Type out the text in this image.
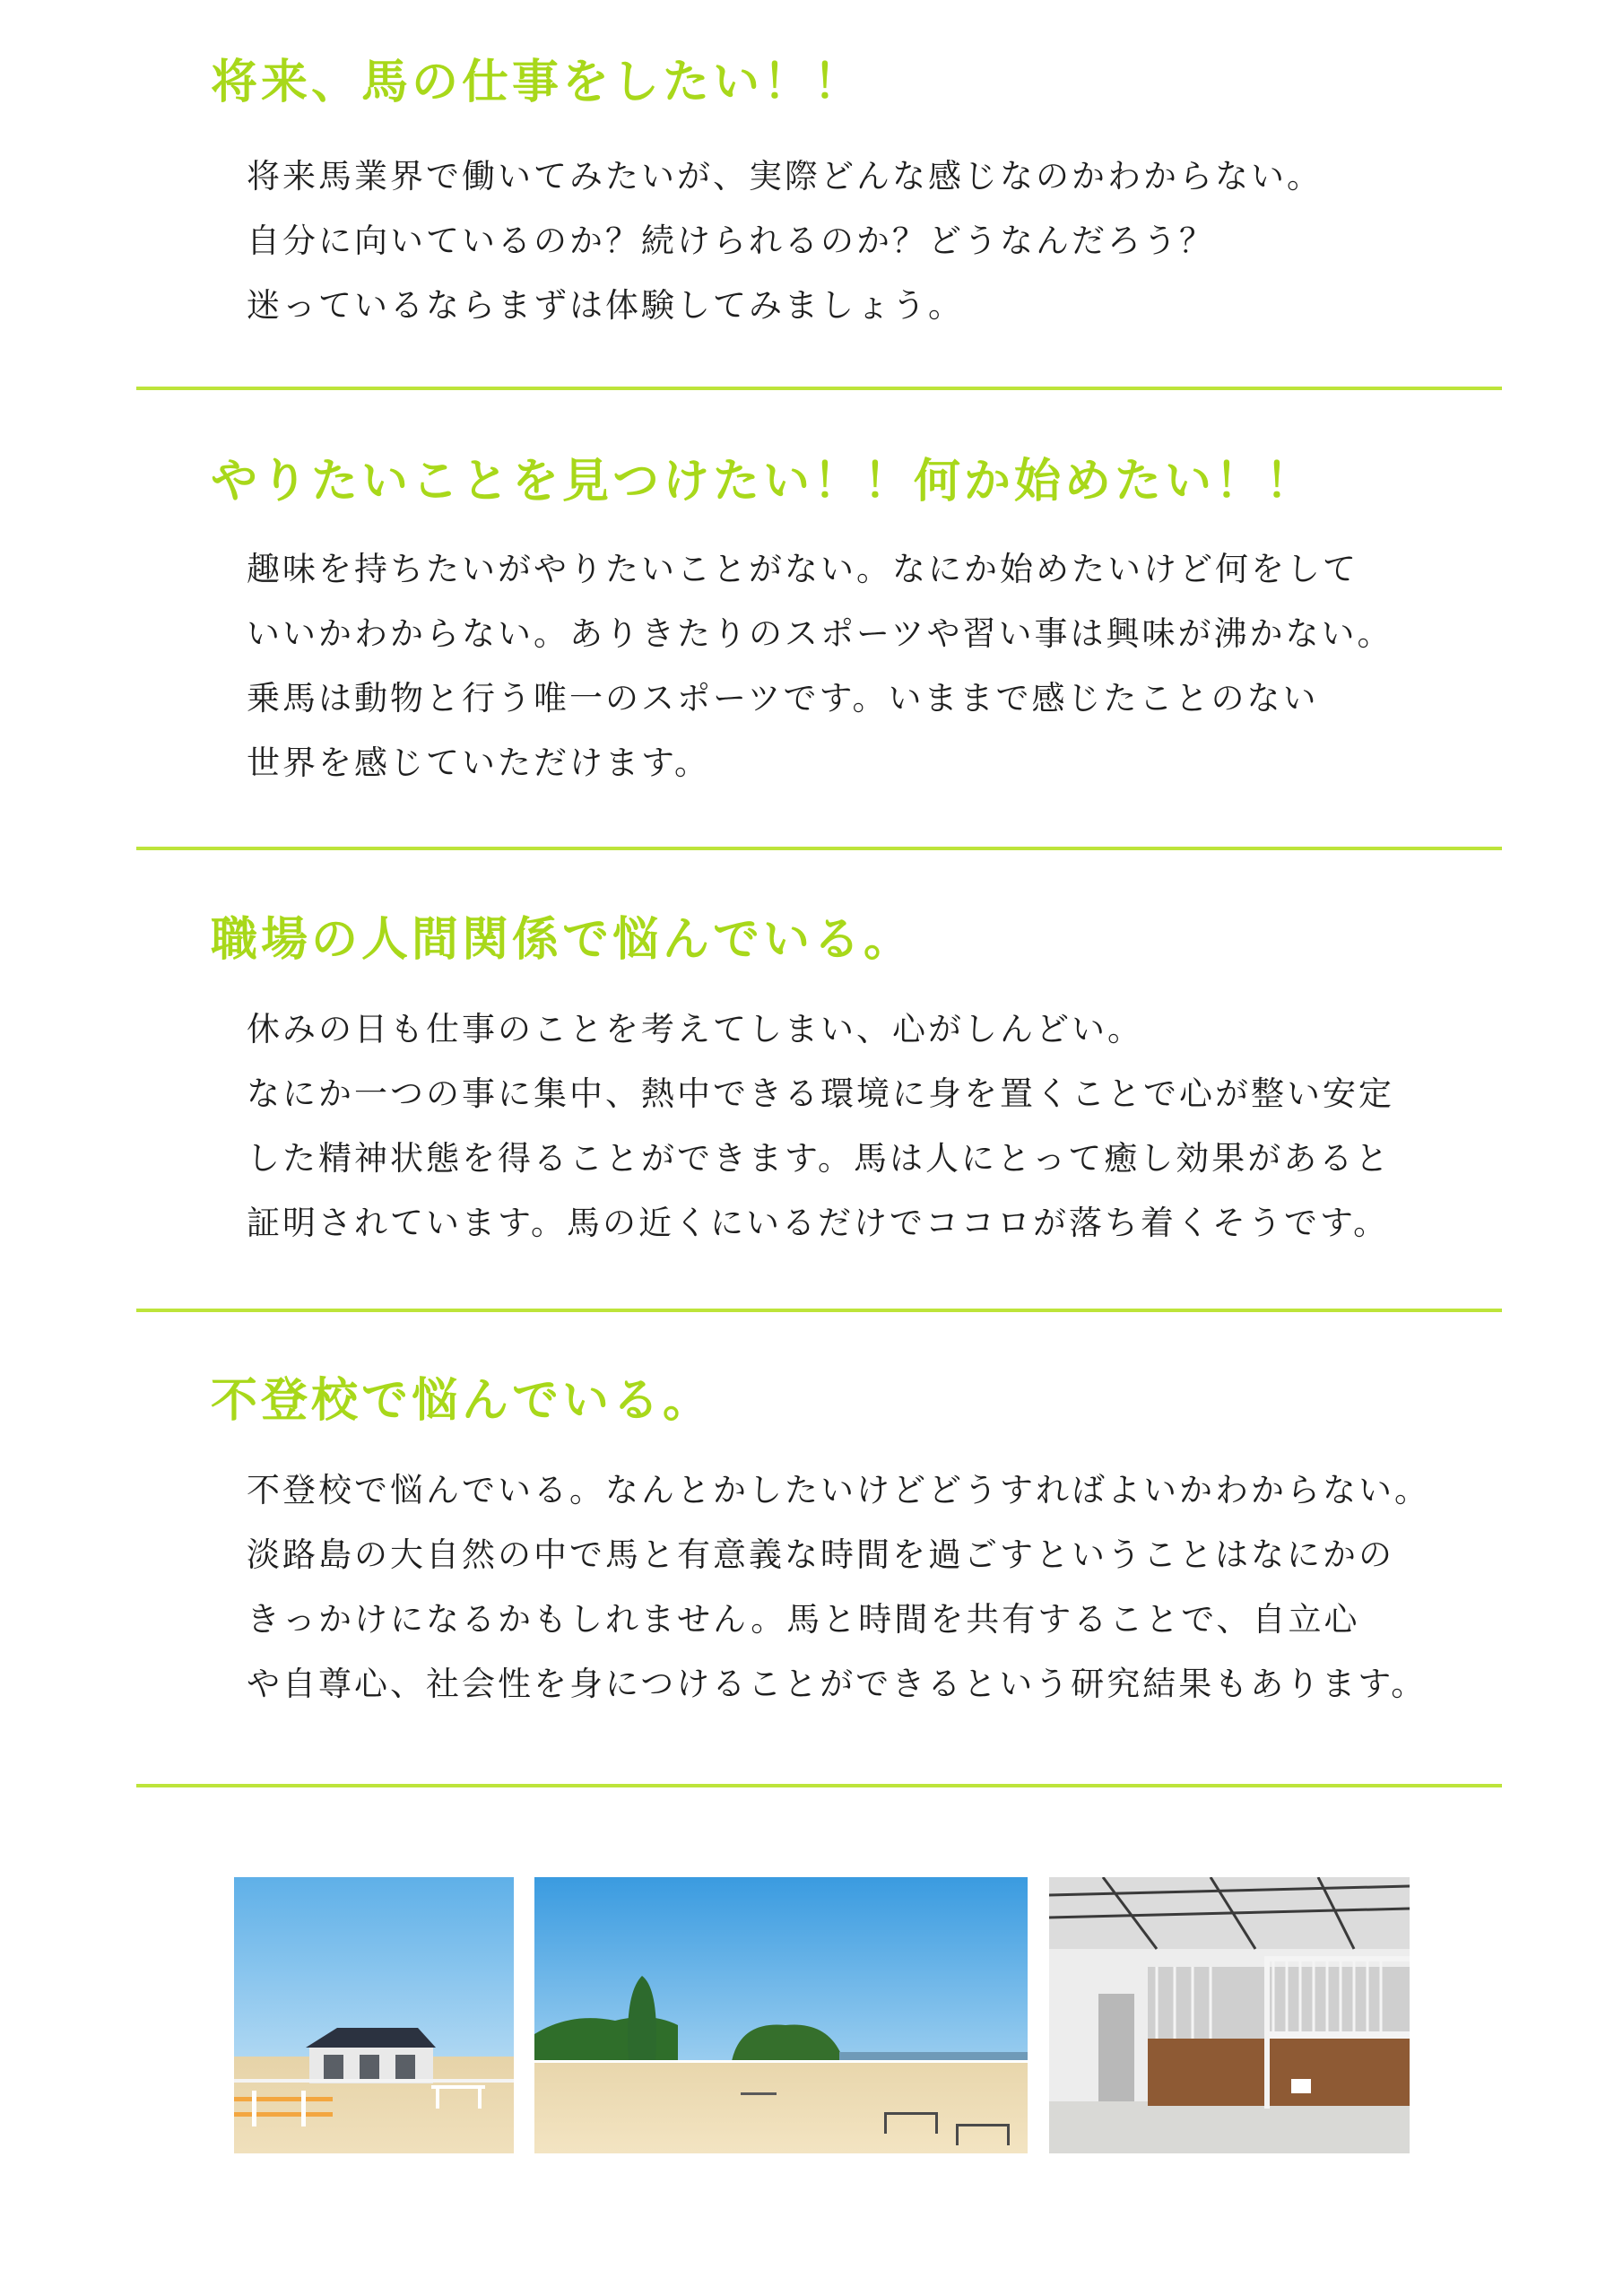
将来、馬の仕事をしたい！！
将来馬業界で働いてみたいが、実際どんな感じなのかわからない。
自分に向いているのか？続けられるのか？どうなんだろう？
迷っているならまずは体験してみましょう。
やりたいことを見つけたい！！何か始めたい！！
趣味を持ちたいがやりたいことがない。なにか始めたいけど何をして
いいかわからない。ありきたりのスポーツや習い事は興味が沸かない。
乗馬は動物と行う唯一のスポーツです。いままで感じたことのない
世界を感じていただけます。
職場の人間関係で悩んでいる。
休みの日も仕事のことを考えてしまい、心がしんどい。
なにか一つの事に集中、熱中できる環境に身を置くことで心が整い安定
した精神状態を得ることができます。馬は人にとって癒し効果があると
証明されています。馬の近くにいるだけでココロが落ち着くそうです。
不登校で悩んでいる。
不登校で悩んでいる。なんとかしたいけどどうすればよいかわからない。
淡路島の大自然の中で馬と有意義な時間を過ごすということはなにかの
きっかけになるかもしれません。馬と時間を共有することで、自立心
や自尊心、社会性を身につけることができるという研究結果もあります。
